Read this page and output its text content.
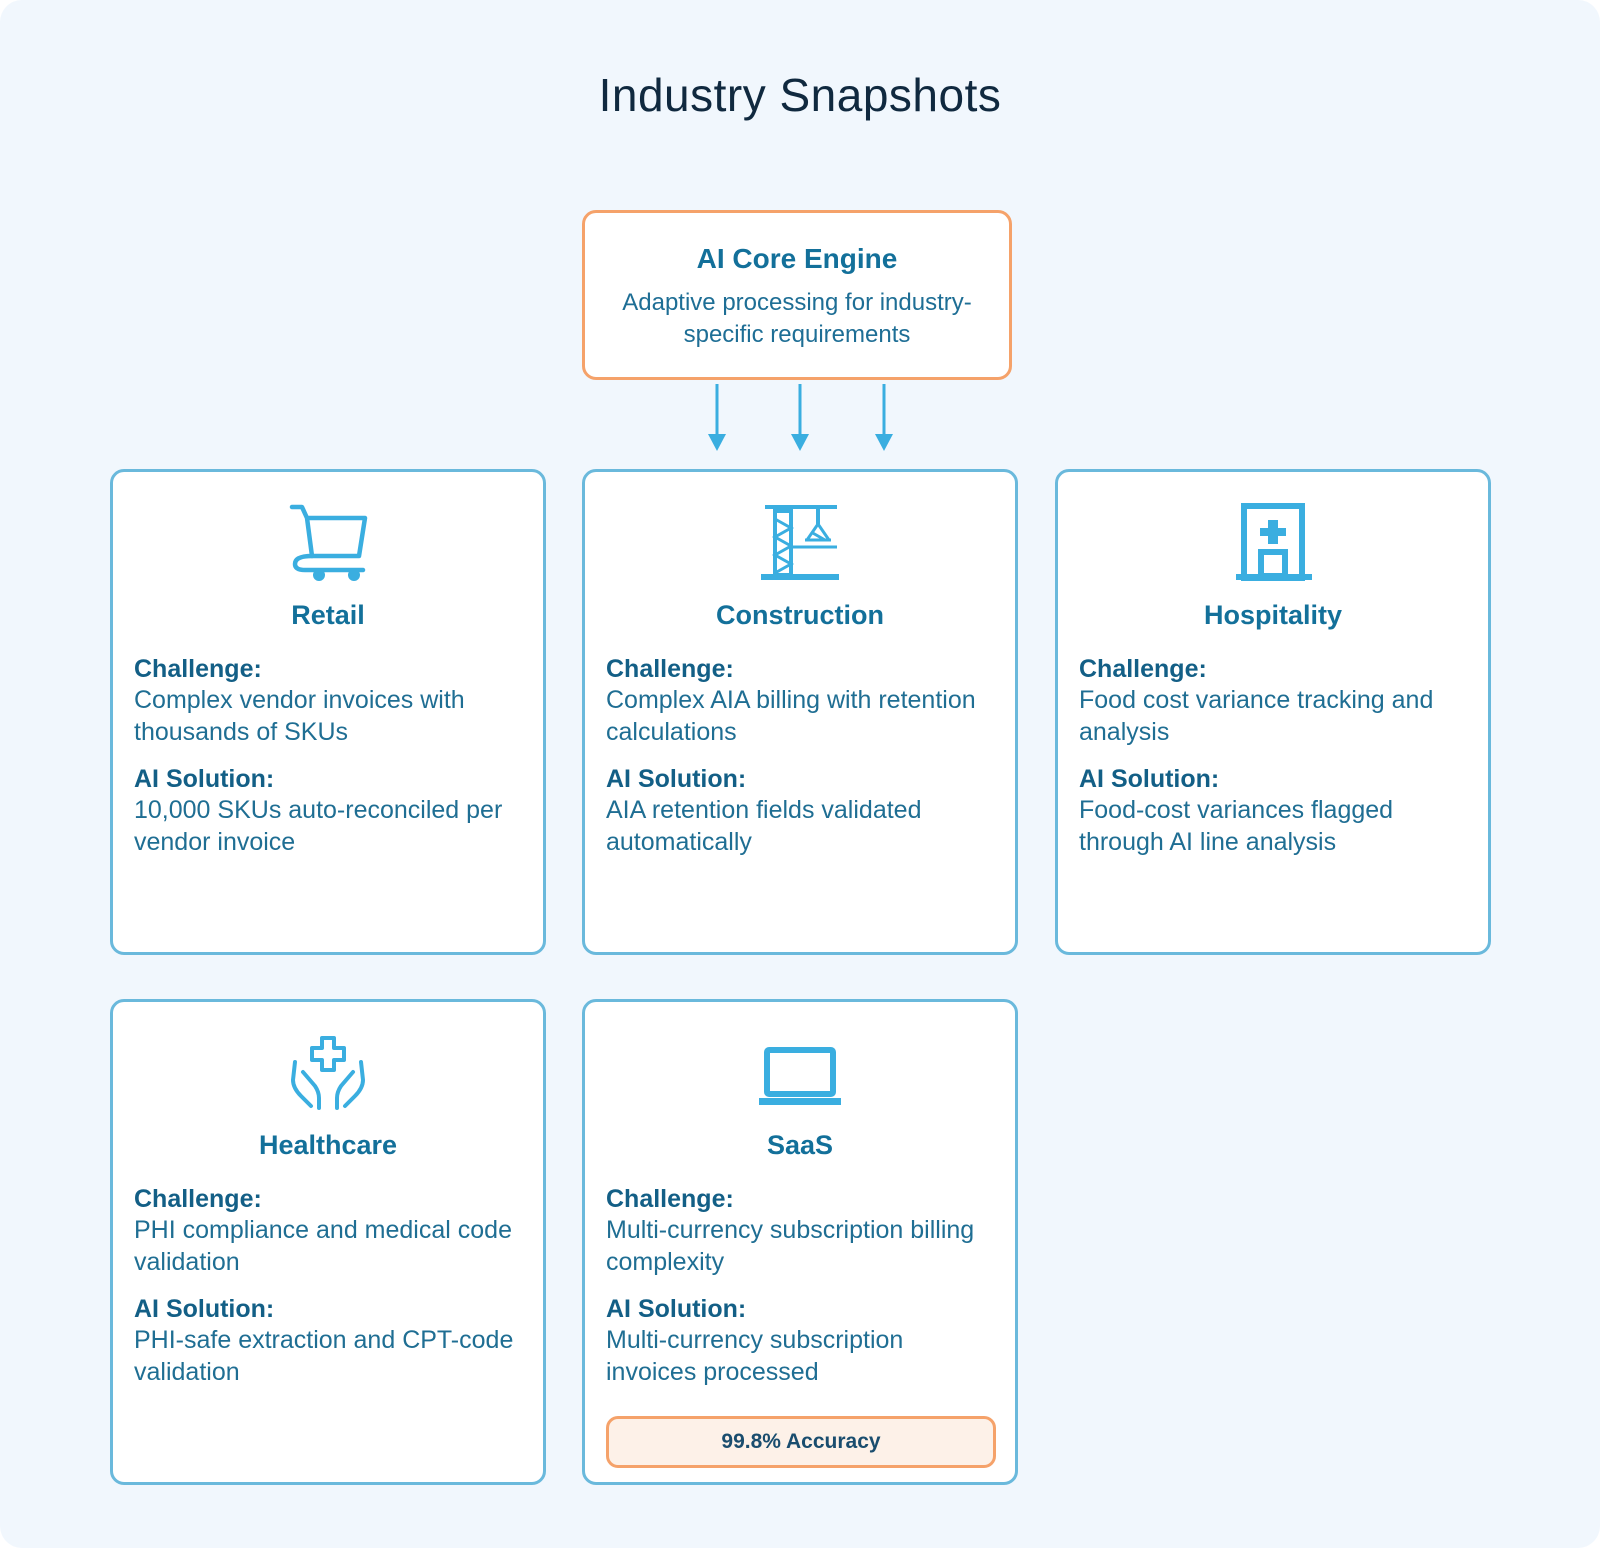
Industry Snapshots
AI Core Engine
Adaptive processing for industry-specific requirements
Retail
Challenge:
Complex vendor invoices with thousands of SKUs
AI Solution:
10,000 SKUs auto-reconciled per vendor invoice
Construction
Challenge:
Complex AIA billing with retention calculations
AI Solution:
AIA retention fields validated automatically
Hospitality
Challenge:
Food cost variance tracking and analysis
AI Solution:
Food-cost variances flagged through AI line analysis
Healthcare
Challenge:
PHI compliance and medical code validation
AI Solution:
PHI-safe extraction and CPT-code validation
SaaS
Challenge:
Multi-currency subscription billing complexity
AI Solution:
Multi-currency subscription invoices processed
99.8% Accuracy
